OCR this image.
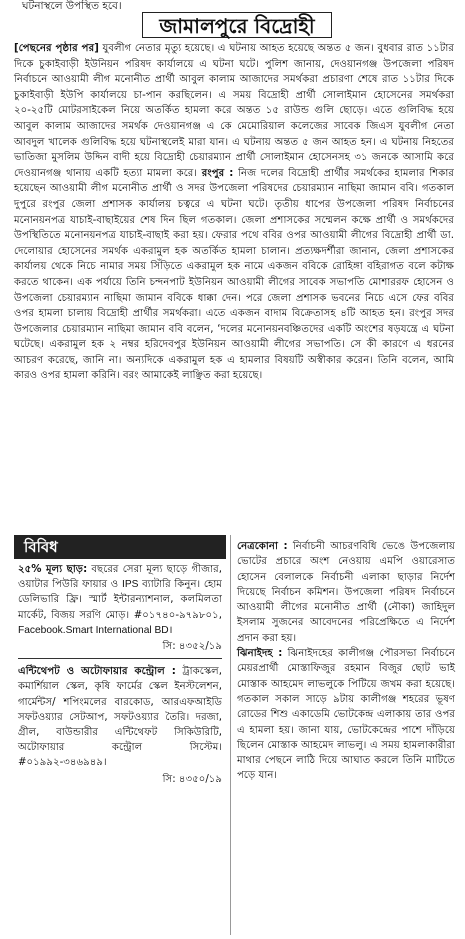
ঘটনাস্থলে উপস্থিত হবে।
জামালপুরে বিদ্রোহী

[পেছনের পৃষ্ঠার পর] যুবলীগ নেতার মৃত্যু হয়েছে। এ ঘটনায় আহত হয়েছে অন্তত ৫ জন। বুধবার রাত ১১টার দিকে চুকাইবাড়ী ইউনিয়ন পরিষদ কার্যালয়ে এ ঘটনা ঘটে। পুলিশ জানায়, দেওয়ানগঞ্জ উপজেলা পরিষদ নির্বাচনে আওয়ামী লীগ মনোনীত প্রার্থী আবুল কালাম আজাদের সমর্থকরা প্রচারণা শেষে রাত ১১টার দিকে চুকাইবাড়ী ইউপি কার্যালয়ে চা-পান করছিলেন। এ সময় বিদ্রোহী প্রার্থী সোলাইমান হোসেনের সমর্থকরা ২০-২৫টি মোটরসাইকেল নিয়ে অতর্কিত হামলা করে অন্তত ১৫ রাউন্ড গুলি ছোড়ে। এতে গুলিবিদ্ধ হয়ে আবুল কালাম আজাদের সমর্থক দেওয়ানগঞ্জ এ কে মেমোরিয়াল কলেজের সাবেক জিএস যুবলীগ নেতা আবদুল খালেক গুলিবিদ্ধ হয়ে ঘটনাস্থলেই মারা যান। এ ঘটনায় অন্তত ৫ জন আহত হন। এ ঘটনায় নিহতের ভাতিজা মুসলিম উদ্দিন বাদী হয়ে বিদ্রোহী চেয়ারম্যান প্রার্থী সোলাইমান হোসেনসহ ৩১ জনকে আসামি করে দেওয়ানগঞ্জ থানায় একটি হত্যা মামলা করে। রংপুর : নিজ দলের বিদ্রোহী প্রার্থীর সমর্থকের হামলার শিকার হয়েছেন আওয়ামী লীগ মনোনীত প্রার্থী ও সদর উপজেলা পরিষদের চেয়ারম্যান নাছিমা জামান ববি। গতকাল দুপুরে রংপুর জেলা প্রশাসক কার্যালয় চত্বরে এ ঘটনা ঘটে। তৃতীয় ধাপের উপজেলা পরিষদ নির্বাচনের মনোনয়নপত্র যাচাই-বাছাইয়ের শেষ দিন ছিল গতকাল। জেলা প্রশাসকের সম্মেলন কক্ষে প্রার্থী ও সমর্থকদের উপস্থিতিতে মনোনয়নপত্র যাচাই-বাছাই করা হয়। ফেরার পথে ববির ওপর আওয়ামী লীগের বিদ্রোহী প্রার্থী ডা. দেলোয়ার হোসেনের সমর্থক একরামুল হক অতর্কিত হামলা চালান। প্রত্যক্ষদর্শীরা জানান, জেলা প্রশাসকের কার্যালয় থেকে নিচে নামার সময় সিঁড়িতে একরামুল হক নামে একজন ববিকে রোহিঙ্গা বহিরাগত বলে কটাক্ষ করতে থাকেন। এক পর্যায়ে তিনি চন্দনপাট ইউনিয়ন আওয়ামী লীগের সাবেক সভাপতি মোশাররফ হোসেন ও উপজেলা চেয়ারম্যান নাছিমা জামান ববিকে ধাক্কা দেন। পরে জেলা প্রশাসক ভবনের নিচে এসে ফের ববির ওপর হামলা চালায় বিদ্রোহী প্রার্থীর সমর্থকরা। এতে একজন বাদাম বিক্রেতাসহ ৪টি আহত হন। রংপুর সদর উপজেলার চেয়ারম্যান নাছিমা জামান ববি বলেন, ‘দলের মনোনয়নবঞ্চিতদের একটি অংশের ষড়যন্ত্রে এ ঘটনা ঘটেছে। একরামুল হক ২ নম্বর হরিদেবপুর ইউনিয়ন আওয়ামী লীগের সভাপতি। সে কী কারণে এ ধরনের আচরণ করেছে, জানি না। অন্যদিকে একরামুল হক এ হামলার বিষয়টি অস্বীকার করেন। তিনি বলেন, আমি কারও ওপর হামলা করিনি। বরং আমাকেই লাঞ্ছিত করা হয়েছে।

বিবিধ

২৫% মূল্য ছাড়: বছরের সেরা মূল্য ছাড়ে গীজার, ওয়াটার পিউরি ফায়ার ও IPS ব্যাটারি কিনুন। হোম ডেলিভারি ফ্রি। স্মার্ট ইন্টারন্যাশনাল, কলমিলতা মার্কেট, বিজয় সরণি মোড়। #০১৭৪০-৯৭৯৮০১, Facebook.Smart International BD।

সি: ৪৩৫২/১৯

এন্টিথেপট ও অটোফায়ার কন্ট্রোল : ট্রাকস্কেল, কমার্শিয়াল স্কেল, কৃষি ফার্মের স্কেল ইনস্টলেশন, গার্মেন্টস/ শপিংমলের বারকোড, আরএফআইডি সফটওয়্যার সেটআপ, সফটওয়্যার তৈরি। দরজা, গ্রীল, বাউন্ডারীর এন্টিথেফট সিকিউরিটি, অটোফায়ার কন্ট্রোল সিস্টেম। #০১৯৯২-৩৪৬৯৪৯।

সি: ৪৩৫০/১৯

নেত্রকোনা : নির্বাচনী আচরণবিধি ভেঙে উপজেলায় ভোটের প্রচারে অংশ নেওয়ায় এমপি ওয়ারেসাত হোসেন বেলালকে নির্বাচনী এলাকা ছাড়ার নির্দেশ দিয়েছে নির্বাচন কমিশন। উপজেলা পরিষদ নির্বাচনে আওয়ামী লীগের মনোনীত প্রার্থী (নৌকা) জাহিদুল ইসলাম সুজনের আবেদনের পরিপ্রেক্ষিতে এ নির্দেশ প্রদান করা হয়।

ঝিনাইদহ : ঝিনাইদহের কালীগঞ্জ পৌরসভা নির্বাচনে মেয়রপ্রার্থী মোস্তাফিজুর রহমান বিজুর ছোট ভাই মোস্তাক আহমেদ লাভলুকে পিটিয়ে জখম করা হয়েছে। গতকাল সকাল সাড়ে ৯টায় কালীগঞ্জ শহরের ভূষণ রোডের শিশু একাডেমি ভোটকেন্দ্র এলাকায় তার ওপর এ হামলা হয়। জানা যায়, ভোটকেন্দ্রের পাশে দাঁড়িয়ে ছিলেন মোস্তাক আহমেদ লাভলু। এ সময় হামলাকারীরা মাথার পেছনে লাঠি দিয়ে আঘাত করলে তিনি মাটিতে পড়ে যান।
